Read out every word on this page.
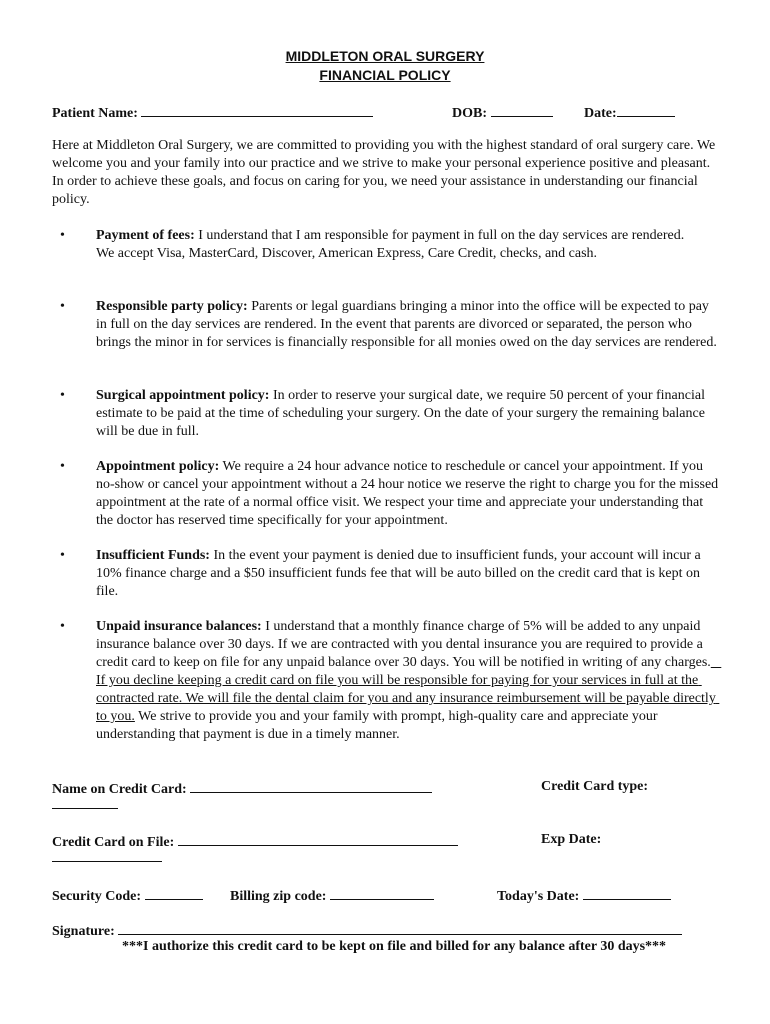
MIDDLETON ORAL SURGERY
FINANCIAL POLICY
Patient Name:	DOB:	Date:
Here at Middleton Oral Surgery, we are committed to providing you with the highest standard of oral surgery care. We welcome you and your family into our practice and we strive to make your personal experience positive and pleasant. In order to achieve these goals, and focus on caring for you, we need your assistance in understanding our financial policy.
• Payment of fees: I understand that I am responsible for payment in full on the day services are rendered.
We accept Visa, MasterCard, Discover, American Express, Care Credit, checks, and cash.
• Responsible party policy: Parents or legal guardians bringing a minor into the office will be expected to pay in full on the day services are rendered. In the event that parents are divorced or separated, the person who brings the minor in for services is financially responsible for all monies owed on the day services are rendered.
• Surgical appointment policy: In order to reserve your surgical date, we require 50 percent of your financial estimate to be paid at the time of scheduling your surgery. On the date of your surgery the remaining balance will be due in full.
• Appointment policy: We require a 24 hour advance notice to reschedule or cancel your appointment. If you no-show or cancel your appointment without a 24 hour notice we reserve the right to charge you for the missed appointment at the rate of a normal office visit. We respect your time and appreciate your understanding that the doctor has reserved time specifically for your appointment.
• Insufficient Funds: In the event your payment is denied due to insufficient funds, your account will incur a 10% finance charge and a $50 insufficient funds fee that will be auto billed on the credit card that is kept on file.
• Unpaid insurance balances: I understand that a monthly finance charge of 5% will be added to any unpaid insurance balance over 30 days. If we are contracted with you dental insurance you are required to provide a credit card to keep on file for any unpaid balance over 30 days. You will be notified in writing of any charges.   If you decline keeping a credit card on file you will be responsible for paying for your services in full at the contracted rate. We will file the dental claim for you and any insurance reimbursement will be payable directly to you. We strive to provide you and your family with prompt, high-quality care and appreciate your understanding that payment is due in a timely manner.
Name on Credit Card:	Credit Card type:
Credit Card on File:	Exp Date:
Security Code:	Billing zip code:	Today's Date:
Signature:
***I authorize this credit card to be kept on file and billed for any balance after 30 days***
